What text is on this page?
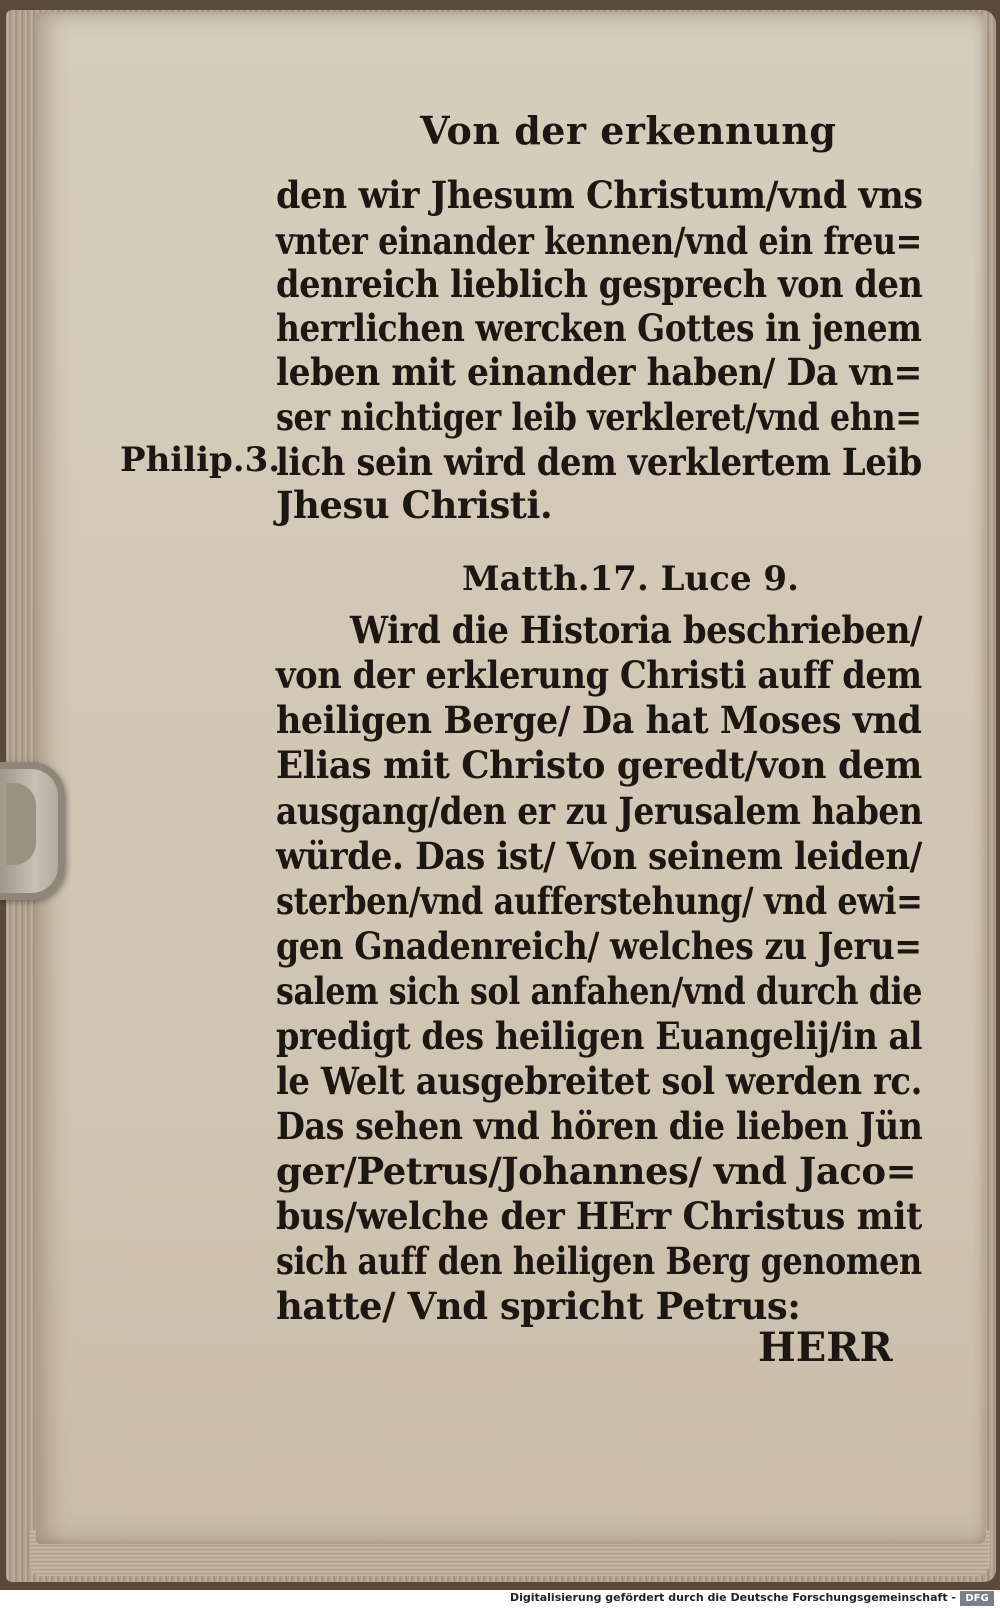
Von der erkennung
den wir Jhesum Christum/vnd vns
vnter einander kennen/vnd ein freu=
denreich lieblich gesprech von den
herrlichen wercken Gottes in jenem
leben mit einander haben/ Da vn=
ser nichtiger leib verkleret/vnd ehn=
lich sein wird dem verklertem Leib
Jhesu Christi.
Philip.3.
Matth.17. Luce 9.
Wird die Historia beschrieben/
von der erklerung Christi auff dem
heiligen Berge/ Da hat Moses vnd
Elias mit Christo geredt/von dem
ausgang/den er zu Jerusalem haben
würde. Das ist/ Von seinem leiden/
sterben/vnd aufferstehung/ vnd ewi=
gen Gnadenreich/ welches zu Jeru=
salem sich sol anfahen/vnd durch die
predigt des heiligen Euangelij/in al
le Welt ausgebreitet sol werden rc.
Das sehen vnd hören die lieben Jün
ger/Petrus/Johannes/ vnd Jaco=
bus/welche der HErr Christus mit
sich auff den heiligen Berg genomen
hatte/ Vnd spricht Petrus:
HERR
Digitalisierung gefördert durch die Deutsche Forschungsgemeinschaft - DFG
